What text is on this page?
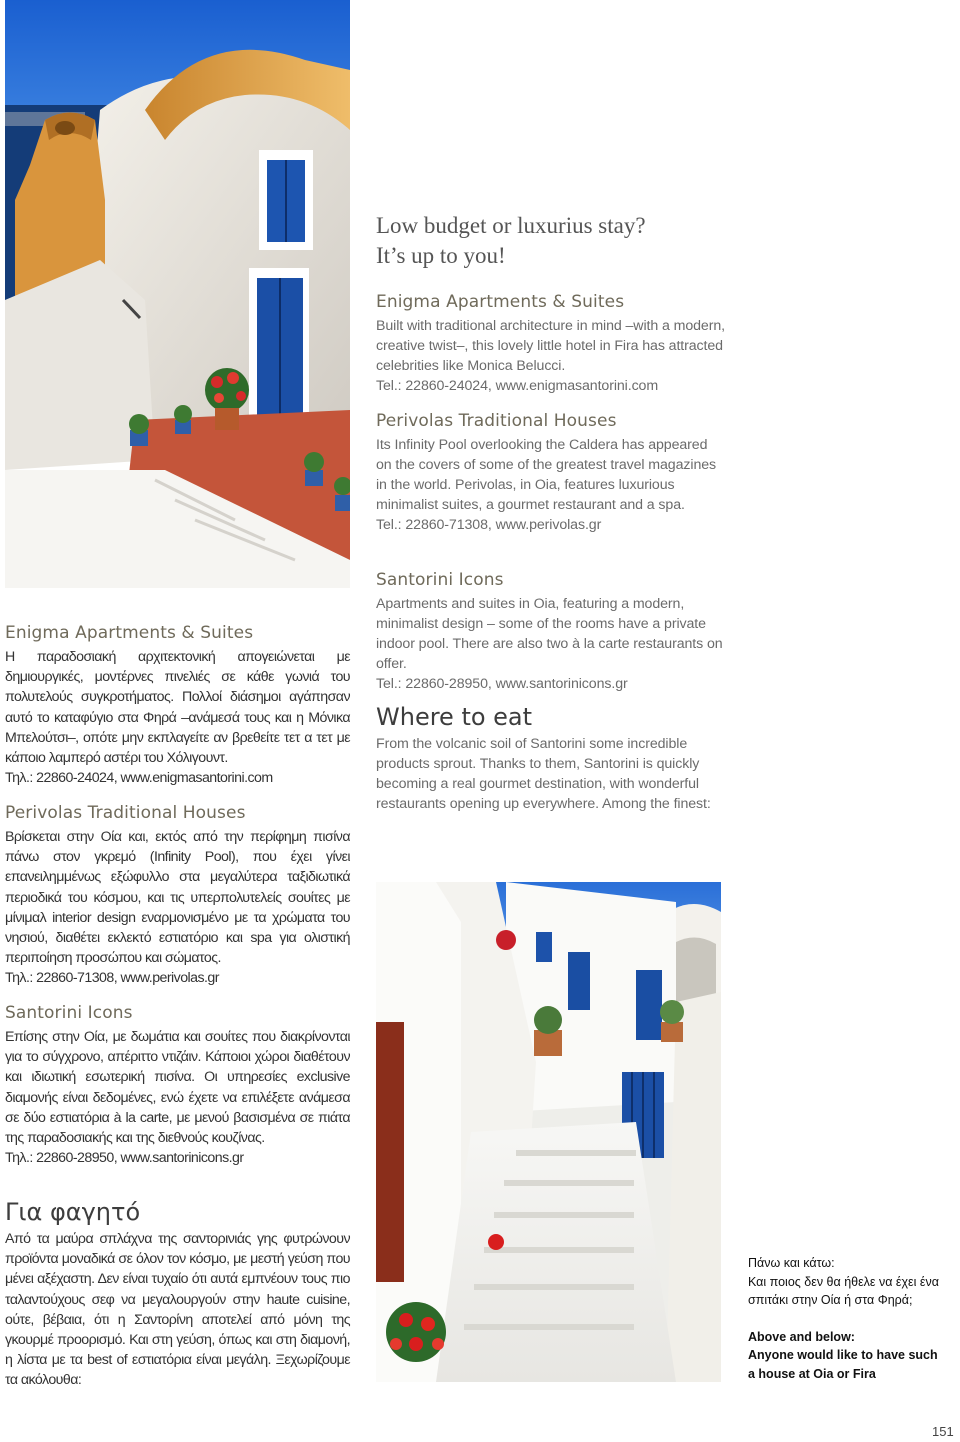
Low budget or luxurius stay?

It’s up to you!

Enigma Apartments & Suites

Built with traditional architecture in mind –with a modern, creative twist–, this lovely little hotel in Fira has attracted celebrities like Monica Belucci.

Tel.: 22860-24024, www.enigmasantorini.com

Perivolas Traditional Houses

Its Infinity Pool overlooking the Caldera has appeared on the covers of some of the greatest travel magazines in the world. Perivolas, in Oia, features luxurious minimalist suites, a gourmet restaurant and a spa.

Tel.: 22860-71308, www.perivolas.gr

Santorini Icons

Apartments and suites in Oia, featuring a modern, minimalist design – some of the rooms have a private indoor pool. There are also two à la carte restaurants on offer.

Tel.: 22860-28950, www.santorinicons.gr

Where to eat

From the volcanic soil of Santorini some incredible products sprout. Thanks to them, Santorini is quickly becoming a real gourmet destination, with wonderful restaurants opening up everywhere. Among the finest:

Enigma Apartments & Suites

Η παραδοσιακή αρχιτεκτονική απογειώνεται με δημιουργικές, μοντέρνες πινελιές σε κάθε γωνιά του πολυτελούς συγκροτήματος. Πολλοί διάσημοι αγάπησαν αυτό το καταφύγιο στα Φηρά –ανάμεσά τους και η Μόνικα Μπελούτσι–, οπότε μην εκπλαγείτε αν βρεθείτε τετ α τετ με κάποιο λαμπερό αστέρι του Χόλιγουντ.

Τηλ.: 22860-24024, www.enigmasantorini.com

Perivolas Traditional Houses

Βρίσκεται στην Οία και, εκτός από την περίφημη πισίνα πάνω στον γκρεμό (Infinity Pool), που έχει γίνει επανειλημμένως εξώφυλλο στα μεγαλύτερα ταξιδιωτικά περιοδικά του κόσμου, και τις υπερπολυτελείς σουίτες με μίνιμαλ interior design εναρμονισμένο με τα χρώματα του νησιού, διαθέτει εκλεκτό εστιατόριο και spa για ολιστική περιποίηση προσώπου και σώματος.

Τηλ.: 22860-71308, www.perivolas.gr

Santorini Icons

Επίσης στην Οία, με δωμάτια και σουίτες που διακρίνονται για το σύγχρονο, απέριττο ντιζάιν. Κάποιοι χώροι διαθέτουν και ιδιωτική εσωτερική πισίνα. Οι υπηρεσίες exclusive διαμονής είναι δεδομένες, ενώ έχετε να επιλέξετε ανάμεσα σε δύο εστιατόρια à la carte, με μενού βασισμένα σε πιάτα της παραδοσιακής και της διεθνούς κουζίνας.

Τηλ.: 22860-28950, www.santorinicons.gr

Για φαγητό

Από τα μαύρα σπλάχνα της σαντορινιάς γης φυτρώνουν προϊόντα μοναδικά σε όλον τον κόσμο, με μεστή γεύση που μένει αξέχαστη. Δεν είναι τυχαίο ότι αυτά εμπνέουν τους πιο ταλαντούχους σεφ να μεγαλουργούν στην haute cuisine, ούτε, βέβαια, ότι η Σαντορίνη αποτελεί από μόνη της γκουρμέ προορισμό. Και στη γεύση, όπως και στη διαμονή, η λίστα με τα best of εστιατόρια είναι μεγάλη. Ξεχωρίζουμε τα ακόλουθα:

Πάνω και κάτω:
Και ποιος δεν θα ήθελε να έχει ένα σπιτάκι στην Οία ή στα Φηρά;
Above and below:
Anyone would like to have such a house at Oia or Fira
151
